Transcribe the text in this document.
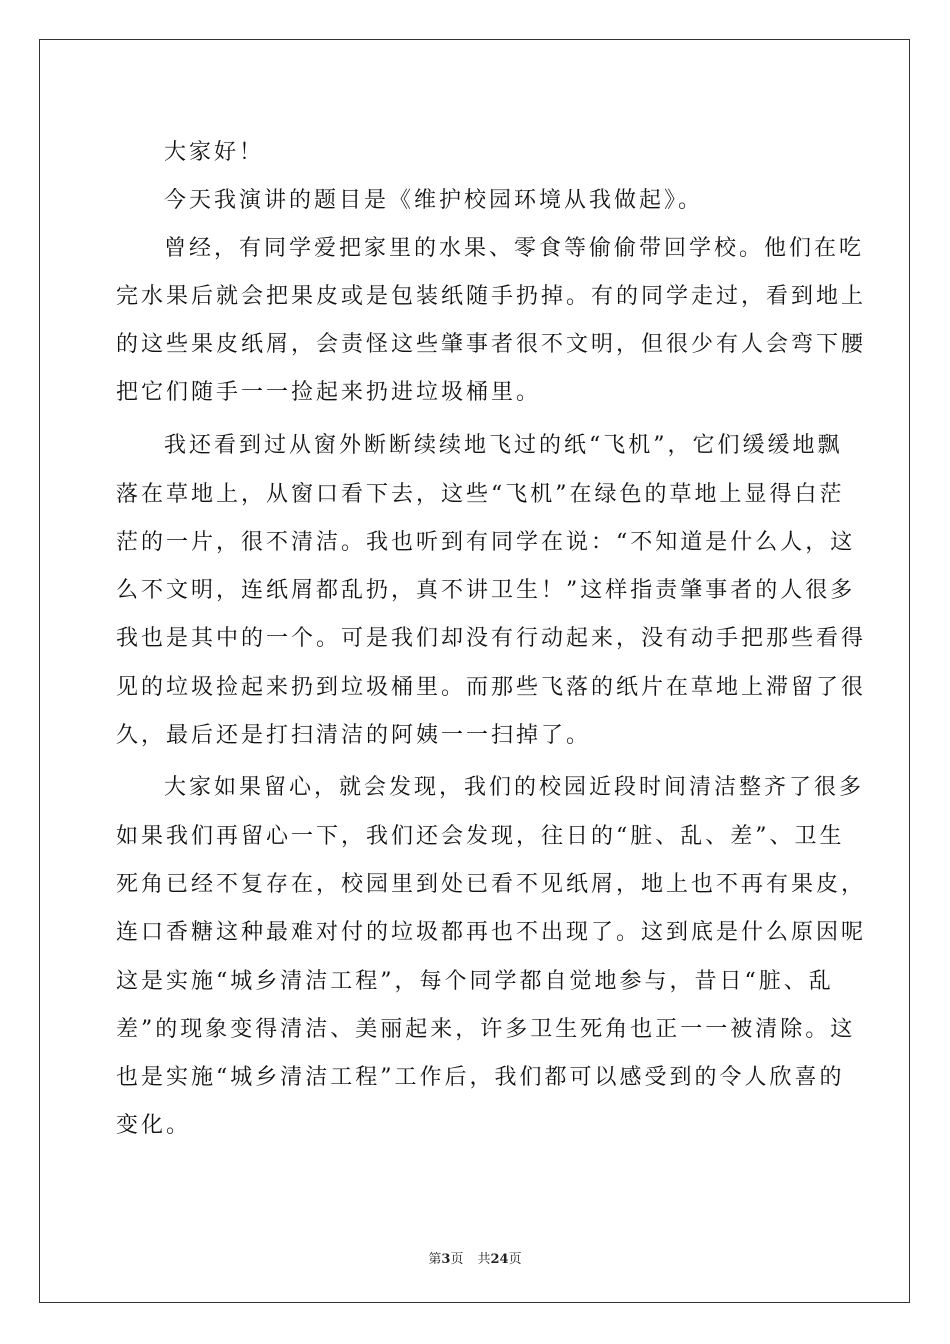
大家好！
今天我演讲的题目是《维护校园环境从我做起》。
曾经，有同学爱把家里的水果、零食等偷偷带回学校。他们在吃
完水果后就会把果皮或是包装纸随手扔掉。有的同学走过，看到地上
的这些果皮纸屑，会责怪这些肇事者很不文明，但很少有人会弯下腰
把它们随手一一捡起来扔进垃圾桶里。
我还看到过从窗外断断续续地飞过的纸“飞机”，它们缓缓地飘
落在草地上，从窗口看下去，这些“飞机”在绿色的草地上显得白茫
茫的一片，很不清洁。我也听到有同学在说：“不知道是什么人，这
么不文明，连纸屑都乱扔，真不讲卫生！”这样指责肇事者的人很多
我也是其中的一个。可是我们却没有行动起来，没有动手把那些看得
见的垃圾捡起来扔到垃圾桶里。而那些飞落的纸片在草地上滞留了很
久，最后还是打扫清洁的阿姨一一扫掉了。
大家如果留心，就会发现，我们的校园近段时间清洁整齐了很多
如果我们再留心一下，我们还会发现，往日的“脏、乱、差”、卫生
死角已经不复存在，校园里到处已看不见纸屑，地上也不再有果皮，
连口香糖这种最难对付的垃圾都再也不出现了。这到底是什么原因呢
这是实施“城乡清洁工程”，每个同学都自觉地参与，昔日“脏、乱
差”的现象变得清洁、美丽起来，许多卫生死角也正一一被清除。这
也是实施“城乡清洁工程”工作后，我们都可以感受到的令人欣喜的
变化。
第3页 共24页
